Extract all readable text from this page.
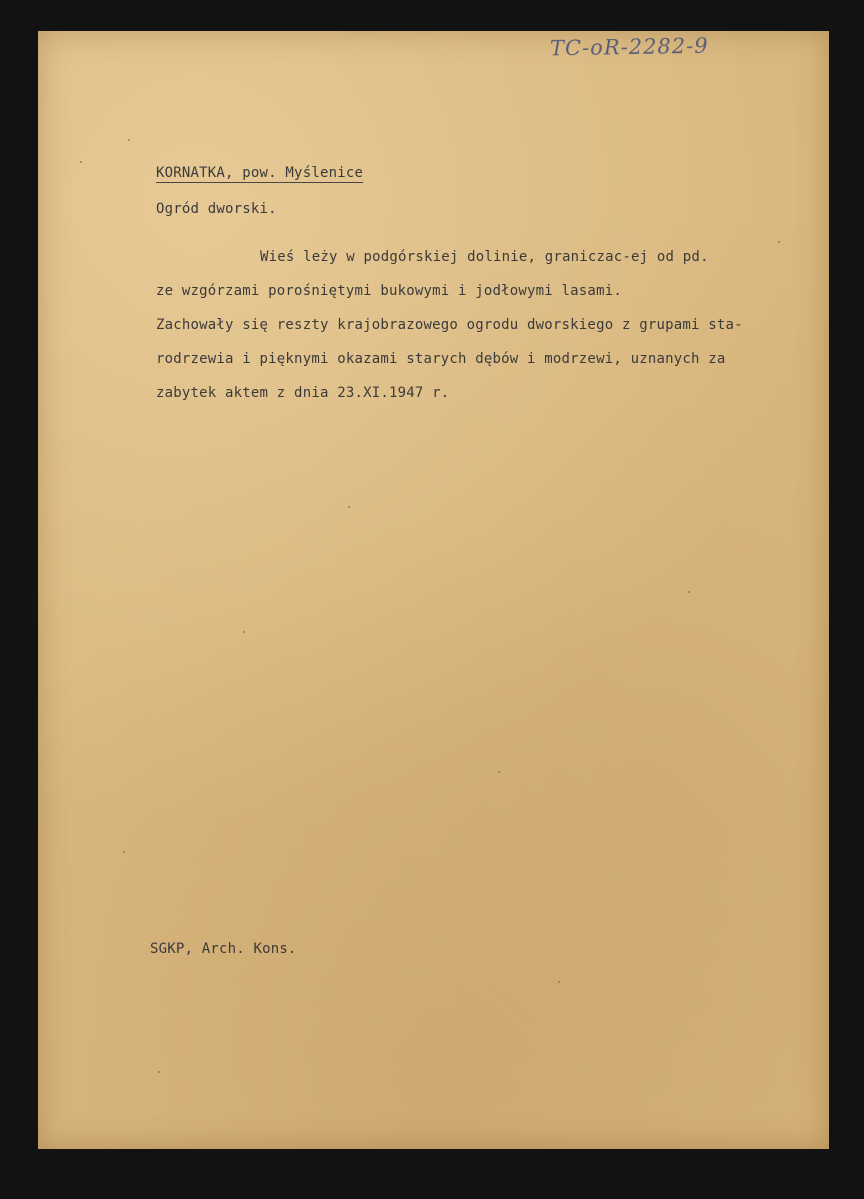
TC-oR-2282-9
KORNATKA, pow. Myślenice
Ogród dworski.
Wieś leży w podgórskiej dolinie, graniczac-ej od pd.
ze wzgórzami porośniętymi bukowymi i jodłowymi lasami.
Zachowały się reszty krajobrazowego ogrodu dworskiego z grupami sta-
rodrzewia i pięknymi okazami starych dębów i modrzewi, uznanych za
zabytek aktem z dnia 23.XI.1947 r.
SGKP, Arch. Kons.
